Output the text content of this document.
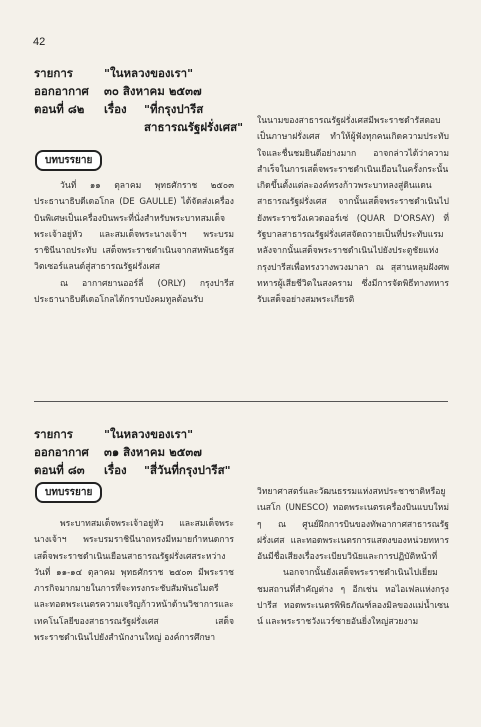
42
รายการ	"ในหลวงของเรา"
ออกอากาศ	๓๐ สิงหาคม ๒๕๓๗
ตอนที่ ๘๒	เรื่อง	"ที่กรุงปารีส
สาธารณรัฐฝรั่งเศส"
บทบรรยาย

วันที่ ๑๑ ตุลาคม พุทธศักราช ๒๕๐๓ ประธานาธิบดีเดอโกล (DE GAULLE) ได้จัดส่งเครื่องบินพิเศษเป็นเครื่องบินพระที่นั่งสำหรับพระบาทสมเด็จพระเจ้าอยู่หัว และสมเด็จพระนางเจ้าฯ พระบรมราชินีนาถประทับ เสด็จพระราชดำเนินจากสหพันธรัฐสวิตเซอร์แลนด์สู่สาธารณรัฐฝรั่งเศส

ณ อากาศยานออร์ลี่ (ORLY) กรุงปารีส ประธานาธิบดีเดอโกลได้กราบบังคมทูลต้อนรับ

ในนามของสาธารณรัฐฝรั่งเศสมีพระราชดำรัสตอบเป็นภาษาฝรั่งเศส ทำให้ผู้ฟังทุกคนเกิดความประทับใจและชื่นชมยินดีอย่างมาก อาจกล่าวได้ว่าความสำเร็จในการเสด็จพระราชดำเนินเยือนในครั้งกระนั้นเกิดขึ้นตั้งแต่ละองค์ทรงก้าวพระบาทลงสู่ดินแดนสาธารณรัฐฝรั่งเศส จากนั้นเสด็จพระราชดำเนินไปยังพระราชวังเควดออร์เซ่ (QUAR D'ORSAY) ที่รัฐบาลสาธารณรัฐฝรั่งเศสจัดถวายเป็นที่ประทับแรม หลังจากนั้นเสด็จพระราชดำเนินไปยังประตูชัยแห่งกรุงปารีสเพื่อทรงวางพวงมาลา ณ สุสานหลุมฝังศพทหารผู้เสียชีวิตในสงคราม ซึ่งมีการจัดพิธีทางทหารรับเสด็จอย่างสมพระเกียรติ

รายการ	"ในหลวงของเรา"
ออกอากาศ	๓๑ สิงหาคม ๒๕๓๗
ตอนที่ ๘๓	เรื่อง	"สี่วันที่กรุงปารีส"
บทบรรยาย

พระบาทสมเด็จพระเจ้าอยู่หัว และสมเด็จพระนางเจ้าฯ พระบรมราชินีนาถทรงมีหมายกำหนดการเสด็จพระราชดำเนินเยือนสาธารณรัฐฝรั่งเศสระหว่างวันที่ ๑๑-๑๔ ตุลาคม พุทธศักราช ๒๕๐๓ มีพระราชภารกิจมากมายในการที่จะทรงกระชับสัมพันธไมตรีและทอดพระเนตรความเจริญก้าวหน้าด้านวิชาการและเทคโนโลยีของสาธารณรัฐฝรั่งเศส เสด็จพระราชดำเนินไปยังสำนักงานใหญ่ องค์การศึกษา

วิทยาศาสตร์และวัฒนธรรมแห่งสหประชาชาติหรือยูเนสโก (UNESCO) ทอดพระเนตรเครื่องบินแบบใหม่ ๆ ณ ศูนย์ฝึกการบินของทัพอากาศสาธารณรัฐฝรั่งเศส และทอดพระเนตรการแสดงของหน่วยทหารอันมีชื่อเสียงเรื่องระเบียบวินัยและการปฏิบัติหน้าที่

นอกจากนั้นยังเสด็จพระราชดำเนินไปเยี่ยมชมสถานที่สำคัญต่าง ๆ อีกเช่น หอไอเฟลแห่งกรุงปารีส ทอดพระเนตรพิพิธภัณฑ์ลองมิลของแม่น้ำเซนน์ และพระราชวังแวร์ซายอันยิ่งใหญ่สวยงาม
